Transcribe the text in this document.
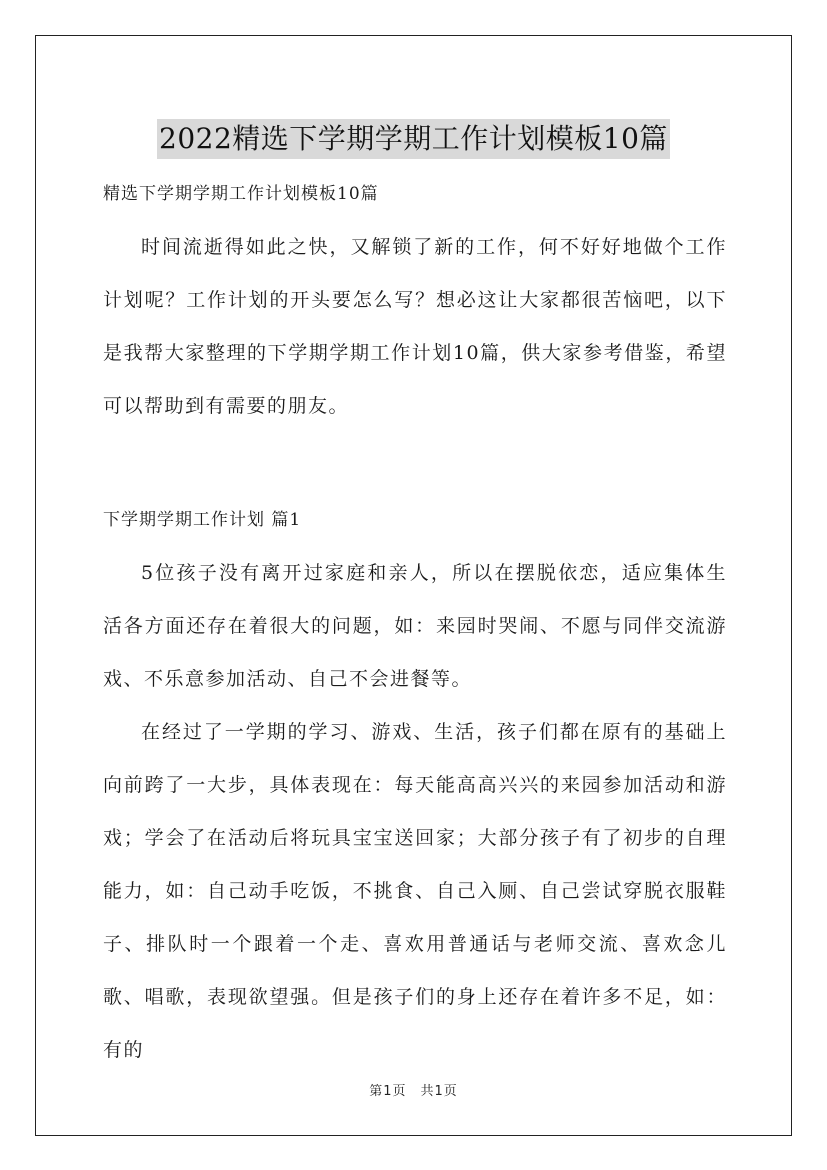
2022精选下学期学期工作计划模板10篇
精选下学期学期工作计划模板10篇

时间流逝得如此之快，又解锁了新的工作，何不好好地做个工作计划呢？工作计划的开头要怎么写？想必这让大家都很苦恼吧，以下是我帮大家整理的下学期学期工作计划10篇，供大家参考借鉴，希望可以帮助到有需要的朋友。

下学期学期工作计划 篇1

5位孩子没有离开过家庭和亲人，所以在摆脱依恋，适应集体生活各方面还存在着很大的问题，如：来园时哭闹、不愿与同伴交流游戏、不乐意参加活动、自己不会进餐等。

在经过了一学期的学习、游戏、生活，孩子们都在原有的基础上向前跨了一大步，具体表现在：每天能高高兴兴的来园参加活动和游戏；学会了在活动后将玩具宝宝送回家；大部分孩子有了初步的自理能力，如：自己动手吃饭，不挑食、自己入厕、自己尝试穿脱衣服鞋子、排队时一个跟着一个走、喜欢用普通话与老师交流、喜欢念儿歌、唱歌，表现欲望强。但是孩子们的身上还存在着许多不足，如：有的

第1页　共1页
